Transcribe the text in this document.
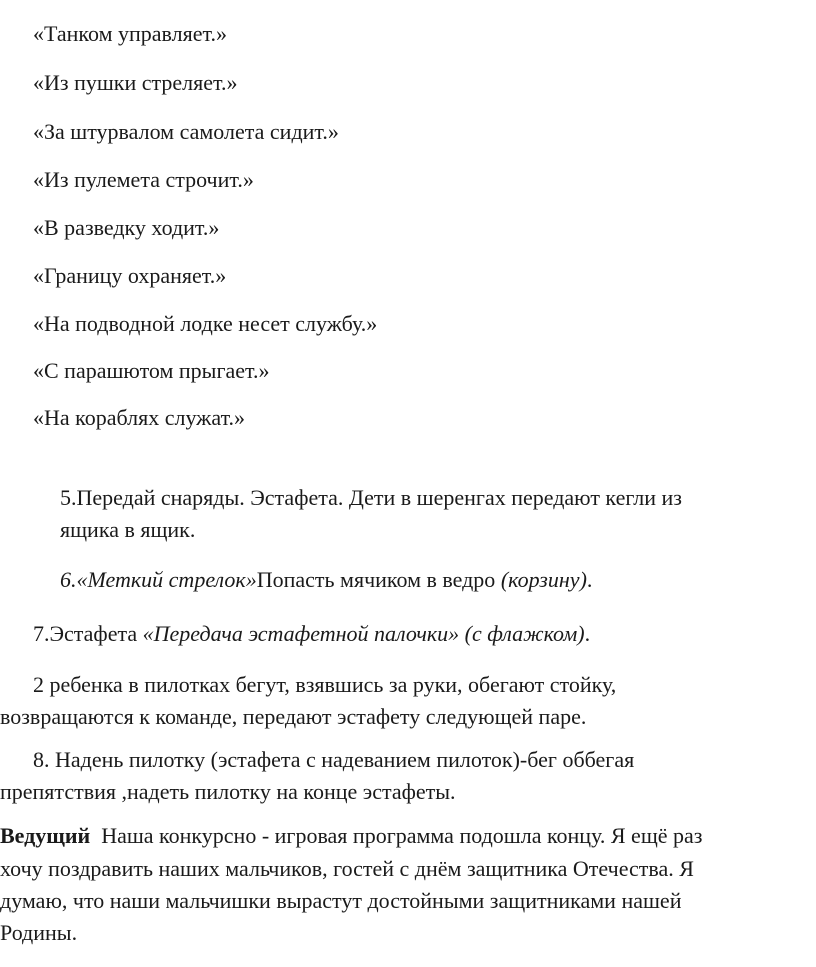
«Танком управляет.»

«Из пушки стреляет.»

«За штурвалом самолета сидит.»

«Из пулемета строчит.»

«В разведку ходит.»

«Границу охраняет.»

«На подводной лодке несет службу.»

«С парашютом прыгает.»

«На кораблях служат.»

5.Передай снаряды. Эстафета. Дети в шеренгах передают кегли из

ящика в ящик.

6.«Меткий стрелок»Попасть мячиком в ведро (корзину).

7.Эстафета «Передача эстафетной палочки» (с флажком).

2 ребенка в пилотках бегут, взявшись за руки, обегают стойку,

возвращаются к команде, передают эстафету следующей паре.

8. Надень пилотку (эстафета с надеванием пилоток)-бег оббегая

препятствия ,надеть пилотку на конце эстафеты.

Ведущий  Наша конкурсно - игровая программа подошла концу. Я ещё раз

хочу поздравить наших мальчиков, гостей с днём защитника Отечества. Я

думаю, что наши мальчишки вырастут достойными защитниками нашей

Родины.
